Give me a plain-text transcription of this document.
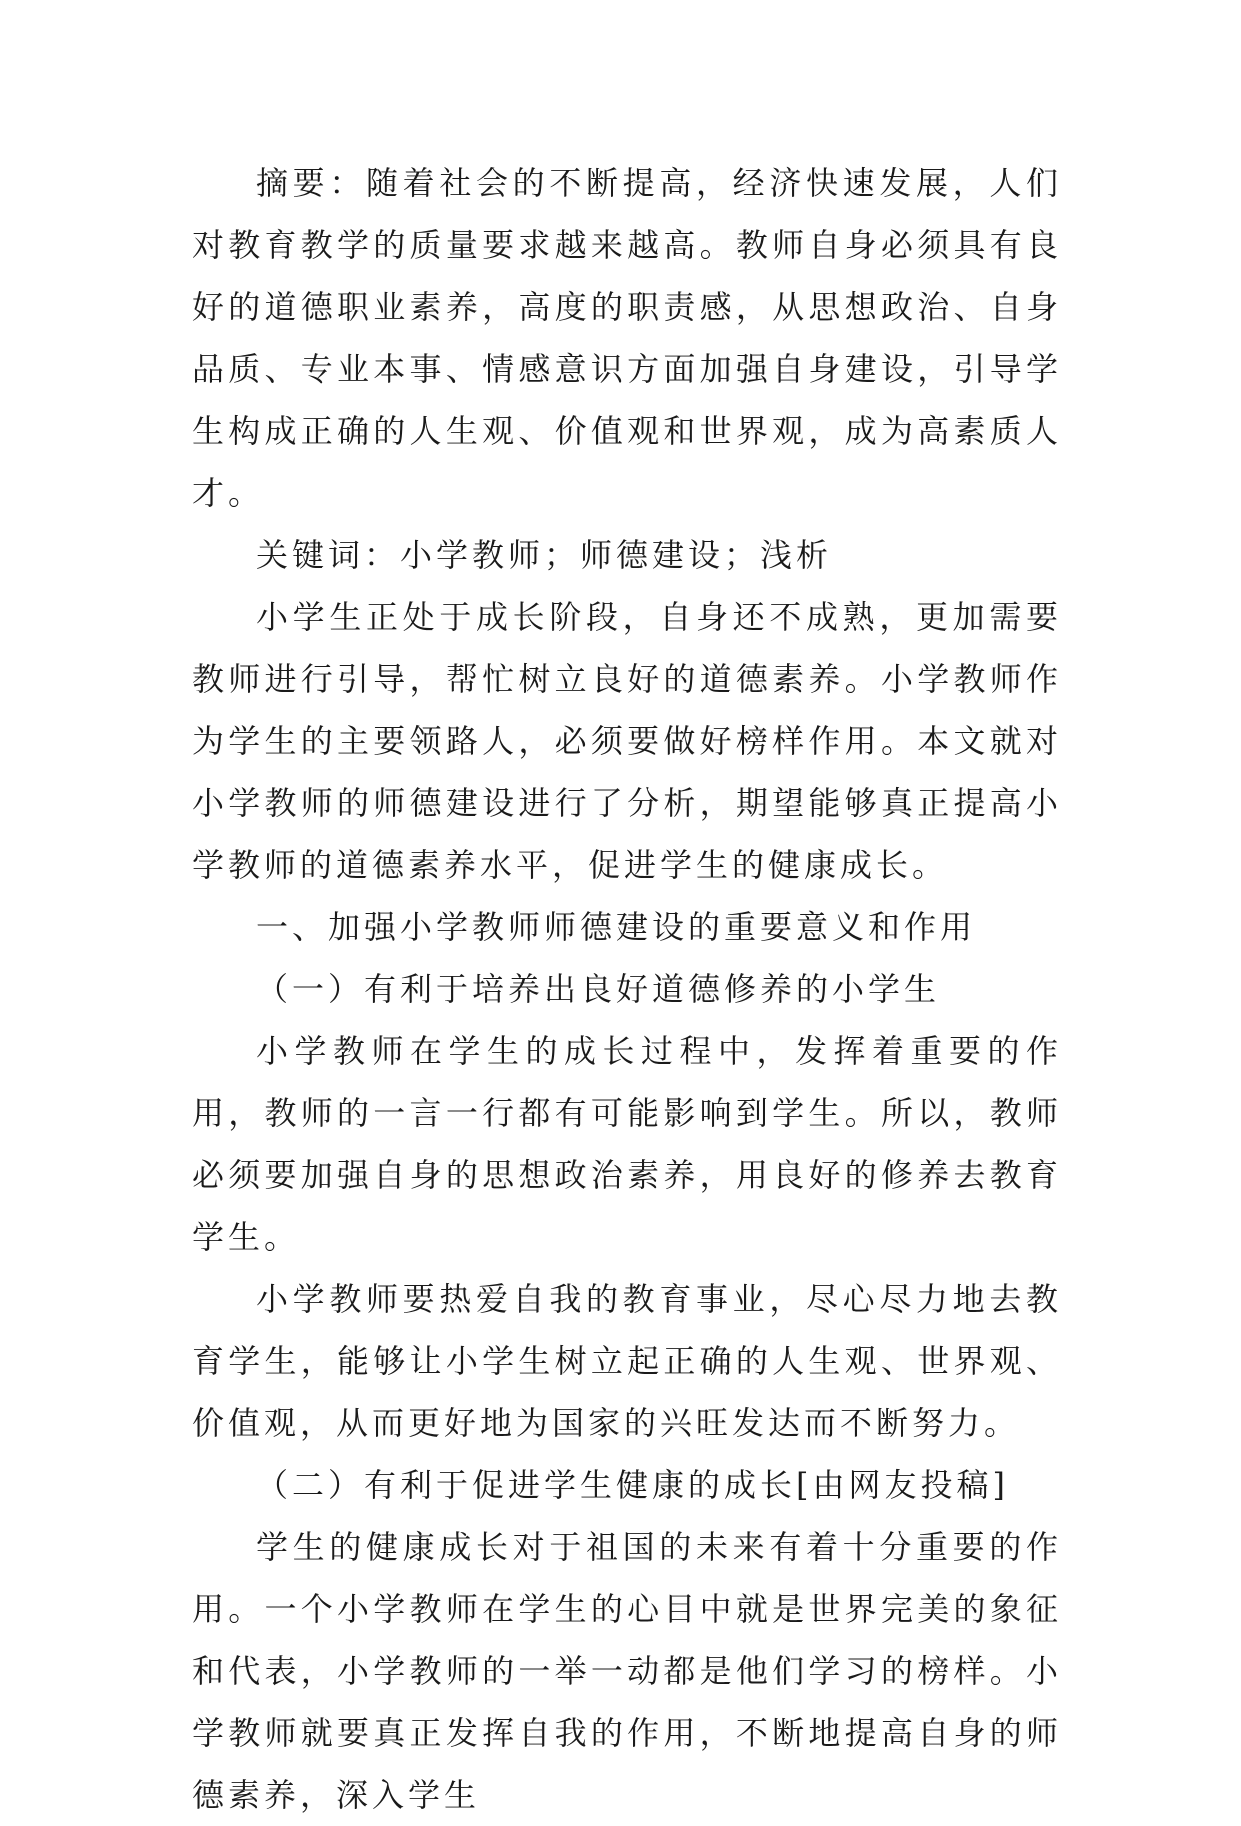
摘要：随着社会的不断提高，经济快速发展，人们对教育教学的质量要求越来越高。教师自身必须具有良好的道德职业素养，高度的职责感，从思想政治、自身品质、专业本事、情感意识方面加强自身建设，引导学生构成正确的人生观、价值观和世界观，成为高素质人才。

关键词：小学教师；师德建设；浅析

小学生正处于成长阶段，自身还不成熟，更加需要教师进行引导，帮忙树立良好的道德素养。小学教师作为学生的主要领路人，必须要做好榜样作用。本文就对小学教师的师德建设进行了分析，期望能够真正提高小学教师的道德素养水平，促进学生的健康成长。

一、加强小学教师师德建设的重要意义和作用

（一）有利于培养出良好道德修养的小学生

小学教师在学生的成长过程中，发挥着重要的作用，教师的一言一行都有可能影响到学生。所以，教师必须要加强自身的思想政治素养，用良好的修养去教育学生。

小学教师要热爱自我的教育事业，尽心尽力地去教育学生，能够让小学生树立起正确的人生观、世界观、价值观，从而更好地为国家的兴旺发达而不断努力。

（二）有利于促进学生健康的成长[由网友投稿]

学生的健康成长对于祖国的未来有着十分重要的作用。一个小学教师在学生的心目中就是世界完美的象征和代表，小学教师的一举一动都是他们学习的榜样。小学教师就要真正发挥自我的作用，不断地提高自身的师德素养，深入学生
